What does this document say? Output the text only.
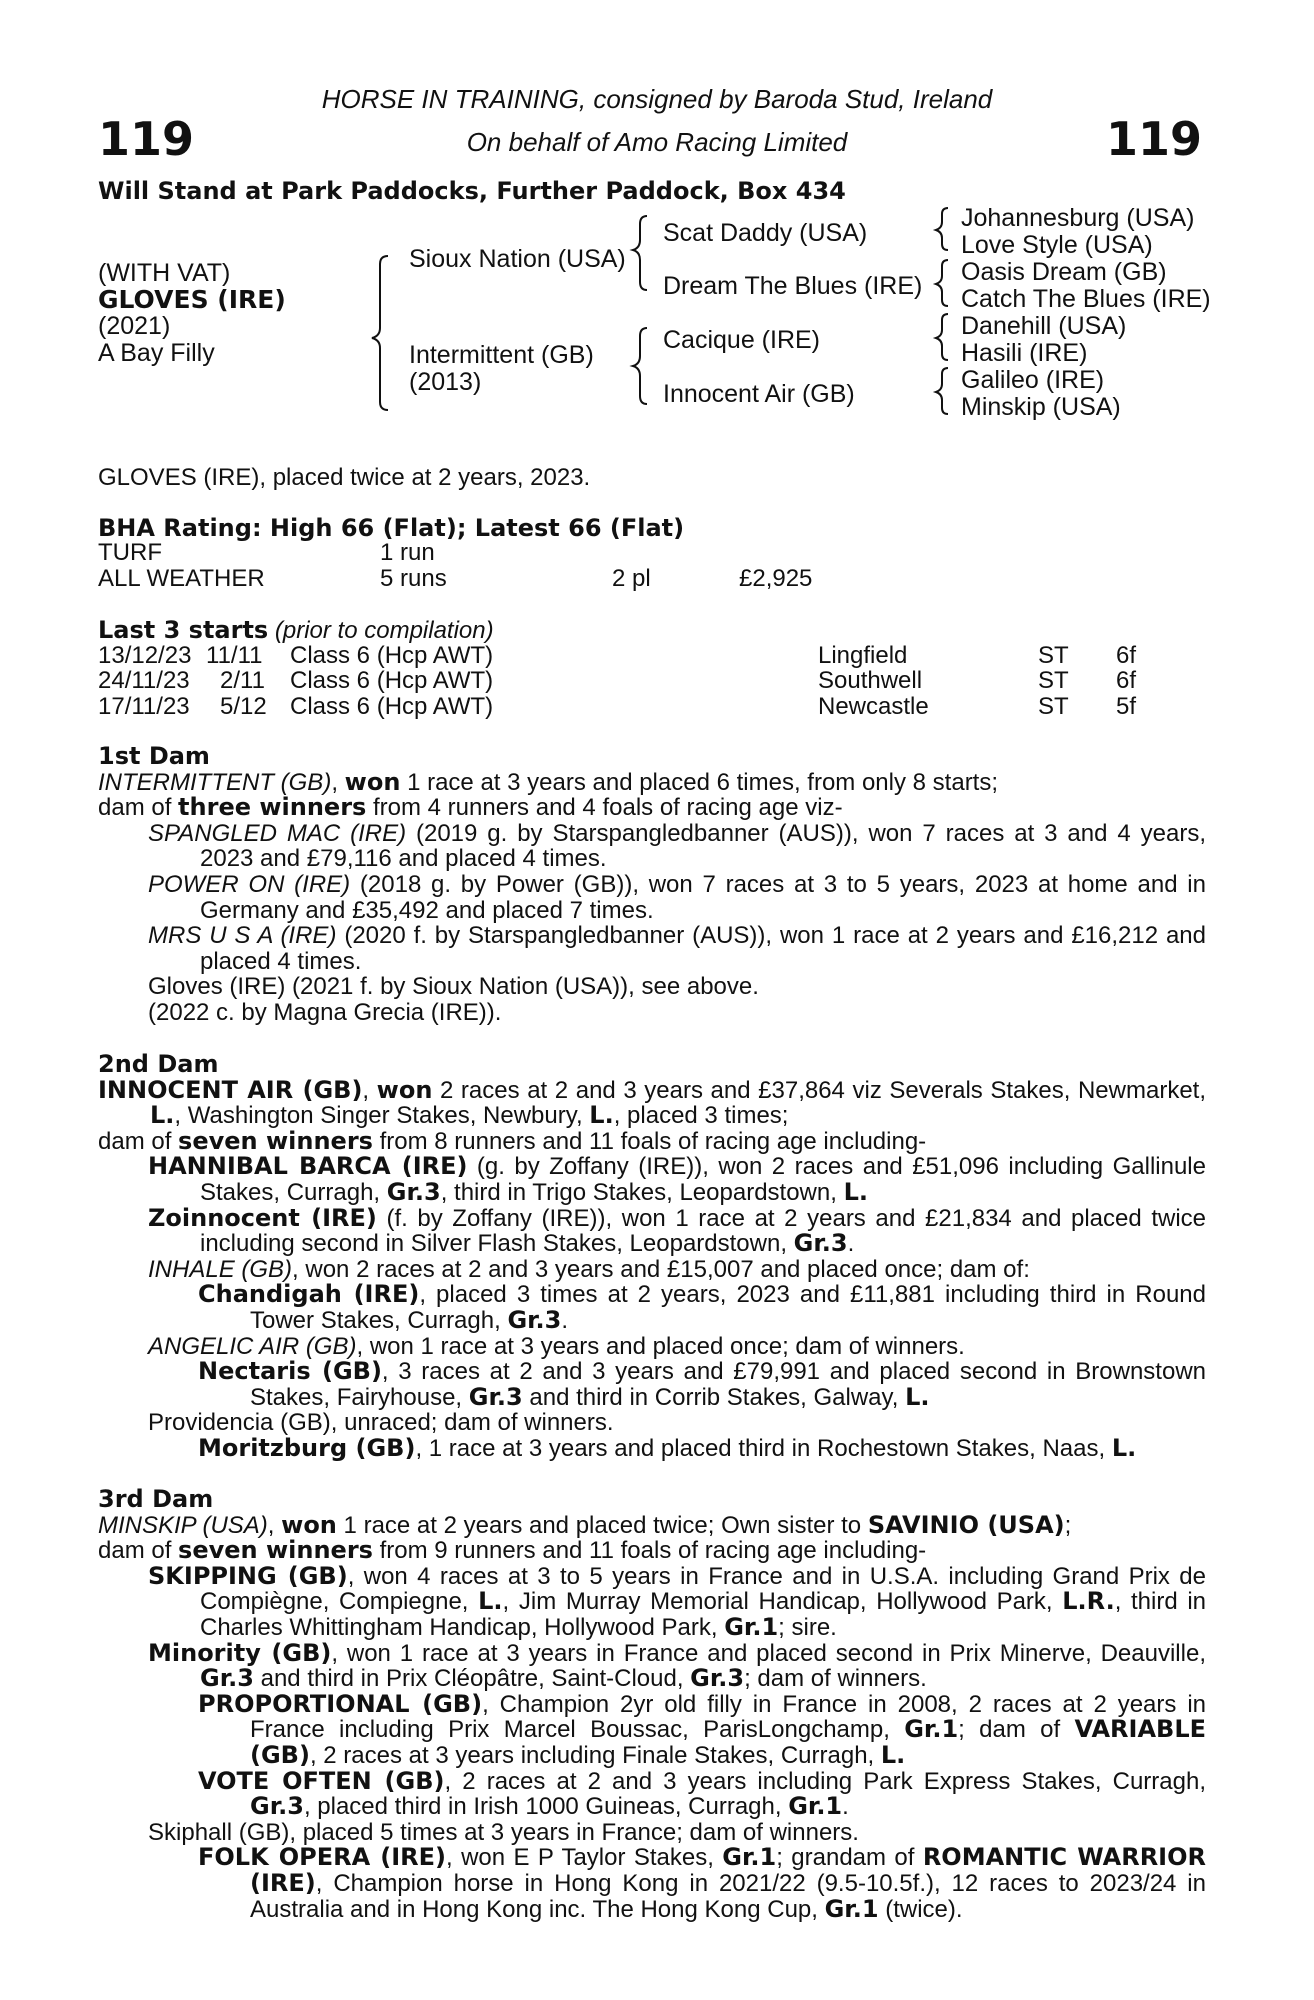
HORSE IN TRAINING, consigned by Baroda Stud, Ireland
On behalf of Amo Racing Limited
119	119
Will Stand at Park Paddocks, Further Paddock, Box 434
(WITH VAT)
GLOVES (IRE)
(2021)
A Bay Filly
Sioux Nation (USA)
Intermittent (GB)
(2013)
Scat Daddy (USA)
Dream The Blues (IRE)
Cacique (IRE)
Innocent Air (GB)
Johannesburg (USA)
Love Style (USA)
Oasis Dream (GB)
Catch The Blues (IRE)
Danehill (USA)
Hasili (IRE)
Galileo (IRE)
Minskip (USA)
GLOVES (IRE), placed twice at 2 years, 2023.
BHA Rating: High 66 (Flat); Latest 66 (Flat)
TURF	1 run
ALL WEATHER	5 runs	2 pl	£2,925
Last 3 starts (prior to compilation)
13/12/23 11/11 Class 6 (Hcp AWT)	Lingfield	ST 6f
24/11/23 2/11 Class 6 (Hcp AWT)	Southwell	ST 6f
17/11/23 5/12 Class 6 (Hcp AWT)	Newcastle	ST 5f

1st Dam

INTERMITTENT (GB), won 1 race at 3 years and placed 6 times, from only 8 starts;

dam of three winners from 4 runners and 4 foals of racing age viz-

SPANGLED MAC (IRE) (2019 g. by Starspangledbanner (AUS)), won 7 races at 3 and 4 years, 2023 and £79,116 and placed 4 times.

POWER ON (IRE) (2018 g. by Power (GB)), won 7 races at 3 to 5 years, 2023 at home and in Germany and £35,492 and placed 7 times.

MRS U S A (IRE) (2020 f. by Starspangledbanner (AUS)), won 1 race at 2 years and £16,212 and placed 4 times.

Gloves (IRE) (2021 f. by Sioux Nation (USA)), see above.

(2022 c. by Magna Grecia (IRE)).

2nd Dam

INNOCENT AIR (GB), won 2 races at 2 and 3 years and £37,864 viz Severals Stakes, Newmarket, L., Washington Singer Stakes, Newbury, L., placed 3 times;

dam of seven winners from 8 runners and 11 foals of racing age including-

HANNIBAL BARCA (IRE) (g. by Zoffany (IRE)), won 2 races and £51,096 including Gallinule Stakes, Curragh, Gr.3, third in Trigo Stakes, Leopardstown, L.

Zoinnocent (IRE) (f. by Zoffany (IRE)), won 1 race at 2 years and £21,834 and placed twice including second in Silver Flash Stakes, Leopardstown, Gr.3.

INHALE (GB), won 2 races at 2 and 3 years and £15,007 and placed once; dam of:

Chandigah (IRE), placed 3 times at 2 years, 2023 and £11,881 including third in Round Tower Stakes, Curragh, Gr.3.

ANGELIC AIR (GB), won 1 race at 3 years and placed once; dam of winners.

Nectaris (GB), 3 races at 2 and 3 years and £79,991 and placed second in Brownstown Stakes, Fairyhouse, Gr.3 and third in Corrib Stakes, Galway, L.

Providencia (GB), unraced; dam of winners.

Moritzburg (GB), 1 race at 3 years and placed third in Rochestown Stakes, Naas, L.

3rd Dam

MINSKIP (USA), won 1 race at 2 years and placed twice; Own sister to SAVINIO (USA);

dam of seven winners from 9 runners and 11 foals of racing age including-

SKIPPING (GB), won 4 races at 3 to 5 years in France and in U.S.A. including Grand Prix de Compiègne, Compiegne, L., Jim Murray Memorial Handicap, Hollywood Park, L.R., third in Charles Whittingham Handicap, Hollywood Park, Gr.1; sire.

Minority (GB), won 1 race at 3 years in France and placed second in Prix Minerve, Deauville, Gr.3 and third in Prix Cléopâtre, Saint-Cloud, Gr.3; dam of winners.

PROPORTIONAL (GB), Champion 2yr old filly in France in 2008, 2 races at 2 years in France including Prix Marcel Boussac, ParisLongchamp, Gr.1; dam of VARIABLE (GB), 2 races at 3 years including Finale Stakes, Curragh, L.

VOTE OFTEN (GB), 2 races at 2 and 3 years including Park Express Stakes, Curragh, Gr.3, placed third in Irish 1000 Guineas, Curragh, Gr.1.

Skiphall (GB), placed 5 times at 3 years in France; dam of winners.

FOLK OPERA (IRE), won E P Taylor Stakes, Gr.1; grandam of ROMANTIC WARRIOR (IRE), Champion horse in Hong Kong in 2021/22 (9.5-10.5f.), 12 races to 2023/24 in Australia and in Hong Kong inc. The Hong Kong Cup, Gr.1 (twice).
